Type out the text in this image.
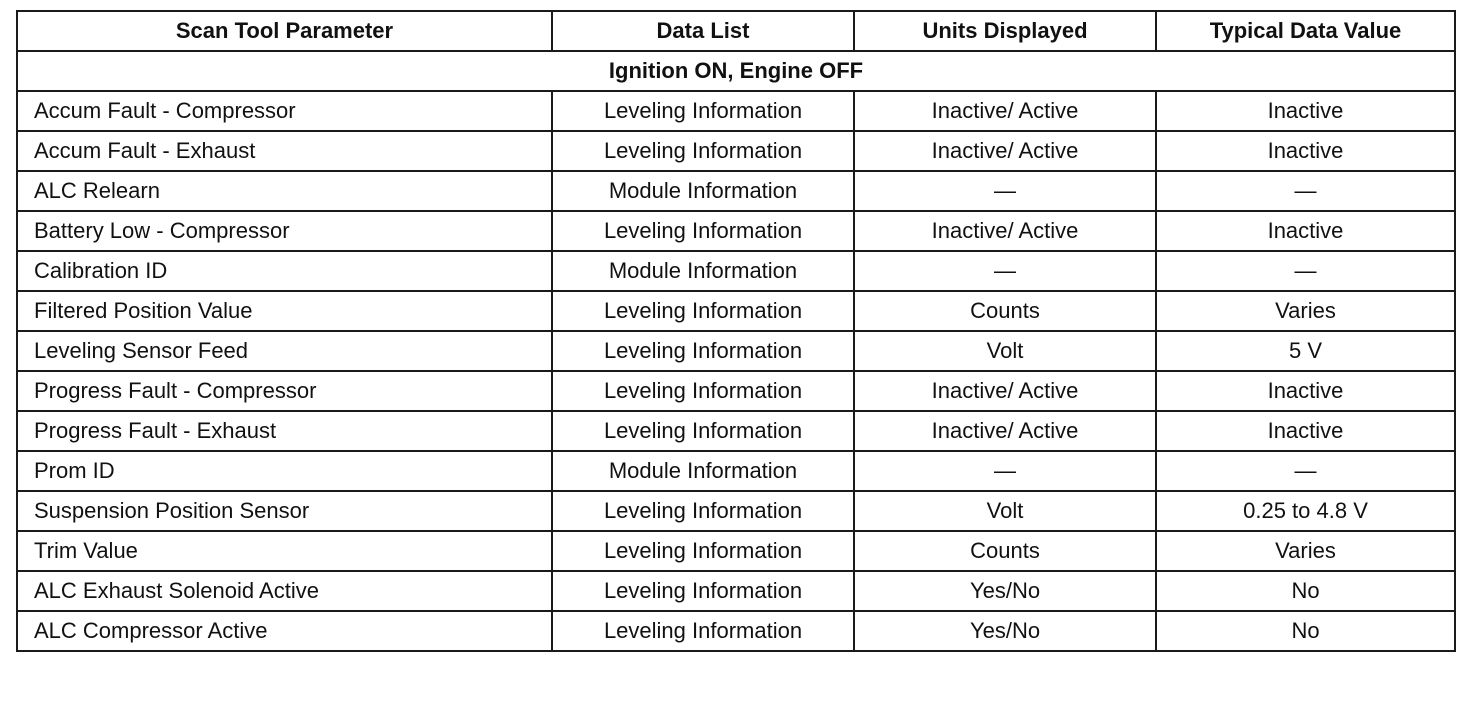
Scan Tool Parameter	Data List	Units Displayed	Typical Data Value
Ignition ON, Engine OFF			
Accum Fault - Compressor	Leveling Information	Inactive/ Active	Inactive
Accum Fault - Exhaust	Leveling Information	Inactive/ Active	Inactive
ALC Relearn	Module Information	—	—
Battery Low - Compressor	Leveling Information	Inactive/ Active	Inactive
Calibration ID	Module Information	—	—
Filtered Position Value	Leveling Information	Counts	Varies
Leveling Sensor Feed	Leveling Information	Volt	5 V
Progress Fault - Compressor	Leveling Information	Inactive/ Active	Inactive
Progress Fault - Exhaust	Leveling Information	Inactive/ Active	Inactive
Prom ID	Module Information	—	—
Suspension Position Sensor	Leveling Information	Volt	0.25 to 4.8 V
Trim Value	Leveling Information	Counts	Varies
ALC Exhaust Solenoid Active	Leveling Information	Yes/No	No
ALC Compressor Active	Leveling Information	Yes/No	No
